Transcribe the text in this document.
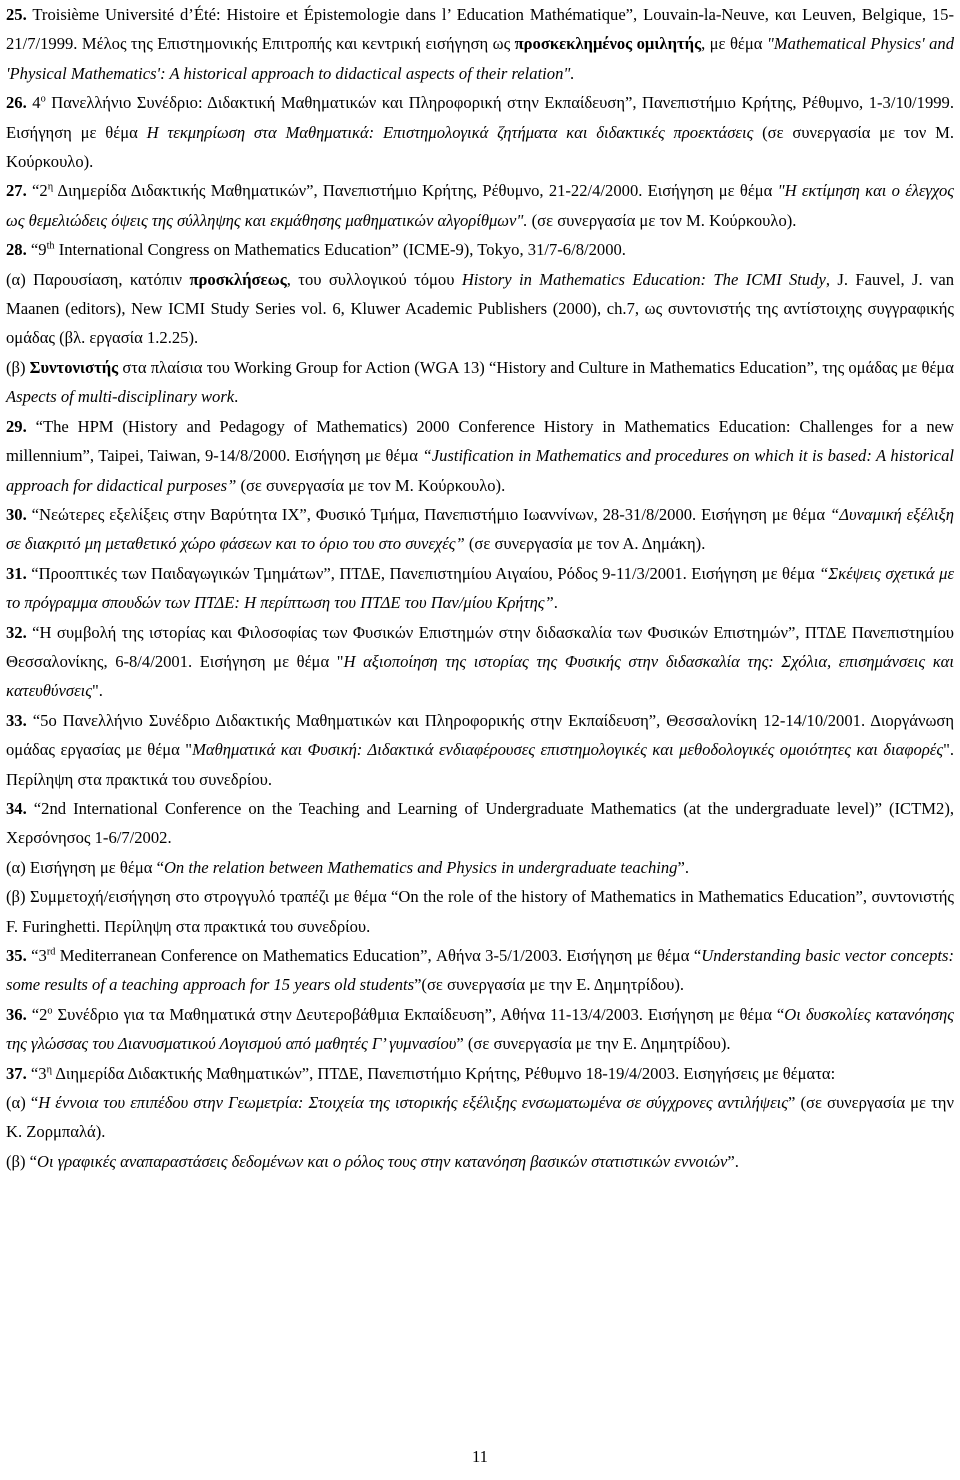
25. Troisième Université d’Été: Histoire et Épistemologie dans l’ Education Mathématique”, Louvain-la-Neuve, και Leuven, Belgique, 15-21/7/1999. Μέλος της Επιστημονικής Επιτροπής και κεντρική εισήγηση ως προσκεκλημένος ομιλητής, με θέμα "Mathematical Physics' and 'Physical Mathematics': A historical approach to didactical aspects of their relation".

26. $4^o$ Πανελλήνιο Συνέδριο: Διδακτική Μαθηματικών και Πληροφορική στην Εκπαίδευση”, Πανεπιστήμιο Κρήτης, Ρέθυμνο, 1-3/10/1999. Εισήγηση με θέμα Η τεκμηρίωση στα Μαθηματικά: Επιστημολογικά ζητήματα και διδακτικές προεκτάσεις (σε συνεργασία με τον Μ. Κούρκουλο).

27. “$2^\eta$ Διημερίδα Διδακτικής Μαθηματικών”, Πανεπιστήμιο Κρήτης, Ρέθυμνο, 21-22/4/2000. Εισήγηση με θέμα "Η εκτίμηση και ο έλεγχος ως θεμελιώδεις όψεις της σύλληψης και εκμάθησης μαθηματικών αλγορίθμων". (σε συνεργασία με τον Μ. Κούρκουλο).

28. “9th International Congress on Mathematics Education” (ICME-9), Tokyo, 31/7-6/8/2000.

(α) Παρουσίαση, κατόπιν προσκλήσεως, του συλλογικού τόμου History in Mathematics Education: The ICMI Study, J. Fauvel, J. van Maanen (editors), New ICMI Study Series vol. 6, Kluwer Academic Publishers (2000), ch.7, ως συντονιστής της αντίστοιχης συγγραφικής ομάδας (βλ. εργασία 1.2.25).

(β) Συντονιστής στα πλαίσια του Working Group for Action (WGA 13) “History and Culture in Mathematics Education”, της ομάδας με θέμα Aspects of multi-disciplinary work.

29. “The HPM (History and Pedagogy of Mathematics) 2000 Conference History in Mathematics Education: Challenges for a new millennium”, Taipei, Taiwan, 9-14/8/2000. Εισήγηση με θέμα “Justification in Mathematics and procedures on which it is based: A historical approach for didactical purposes” (σε συνεργασία με τον Μ. Κούρκουλο).

30. “Νεώτερες εξελίξεις στην Βαρύτητα ΙΧ”, Φυσικό Τμήμα, Πανεπιστήμιο Ιωαννίνων, 28-31/8/2000. Εισήγηση με θέμα “Δυναμική εξέλιξη σε διακριτό μη μεταθετικό χώρο φάσεων και το όριο του στο συνεχές” (σε συνεργασία με τον Α. Δημάκη).

31. “Προοπτικές των Παιδαγωγικών Τμημάτων”, ΠΤΔΕ, Πανεπιστημίου Αιγαίου, Ρόδος 9-11/3/2001. Εισήγηση με θέμα “Σκέψεις σχετικά με το πρόγραμμα σπουδών των ΠΤΔΕ: Η περίπτωση του ΠΤΔΕ του Παν/μίου Κρήτης”.

32. “Η συμβολή της ιστορίας και Φιλοσοφίας των Φυσικών Επιστημών στην διδασκαλία των Φυσικών Επιστημών”, ΠΤΔΕ Πανεπιστημίου Θεσσαλονίκης, 6-8/4/2001. Εισήγηση με θέμα "Η αξιοποίηση της ιστορίας της Φυσικής στην διδασκαλία της: Σχόλια, επισημάνσεις και κατευθύνσεις".

33. “5ο Πανελλήνιο Συνέδριο Διδακτικής Μαθηματικών και Πληροφορικής στην Εκπαίδευση”, Θεσσαλονίκη 12-14/10/2001. Διοργάνωση ομάδας εργασίας με θέμα "Μαθηματικά και Φυσική: Διδακτικά ενδιαφέρουσες επιστημολογικές και μεθοδολογικές ομοιότητες και διαφορές". Περίληψη στα πρακτικά του συνεδρίου.

34. “2nd International Conference on the Teaching and Learning of Undergraduate Mathematics (at the undergraduate level)” (ICTM2), Χερσόνησος 1-6/7/2002.

(α) Εισήγηση με θέμα “On the relation between Mathematics and Physics in undergraduate teaching”.

(β) Συμμετοχή/εισήγηση στο στρογγυλό τραπέζι με θέμα “On the role of the history of Mathematics in Mathematics Education”, συντονιστής F. Furinghetti. Περίληψη στα πρακτικά του συνεδρίου.

35. “3rd Mediterranean Conference on Mathematics Education”, Αθήνα 3-5/1/2003. Εισήγηση με θέμα “Understanding basic vector concepts: some results of a teaching approach for 15 years old students”(σε συνεργασία με την Ε. Δημητρίδου).

36. “$2^o$ Συνέδριο για τα Μαθηματικά στην Δευτεροβάθμια Εκπαίδευση”, Αθήνα 11-13/4/2003. Εισήγηση με θέμα “Οι δυσκολίες κατανόησης της γλώσσας του Διανυσματικού Λογισμού από μαθητές Γ’ γυμνασίου” (σε συνεργασία με την Ε. Δημητρίδου).

37. “$3^\eta$ Διημερίδα Διδακτικής Μαθηματικών”, ΠΤΔΕ, Πανεπιστήμιο Κρήτης, Ρέθυμνο 18-19/4/2003. Εισηγήσεις με θέματα:

(α) “Η έννοια του επιπέδου στην Γεωμετρία: Στοιχεία της ιστορικής εξέλιξης ενσωματωμένα σε σύγχρονες αντιλήψεις” (σε συνεργασία με την Κ. Ζορμπαλά).

(β) “Οι γραφικές αναπαραστάσεις δεδομένων και ο ρόλος τους στην κατανόηση βασικών στατιστικών εννοιών”.

11
